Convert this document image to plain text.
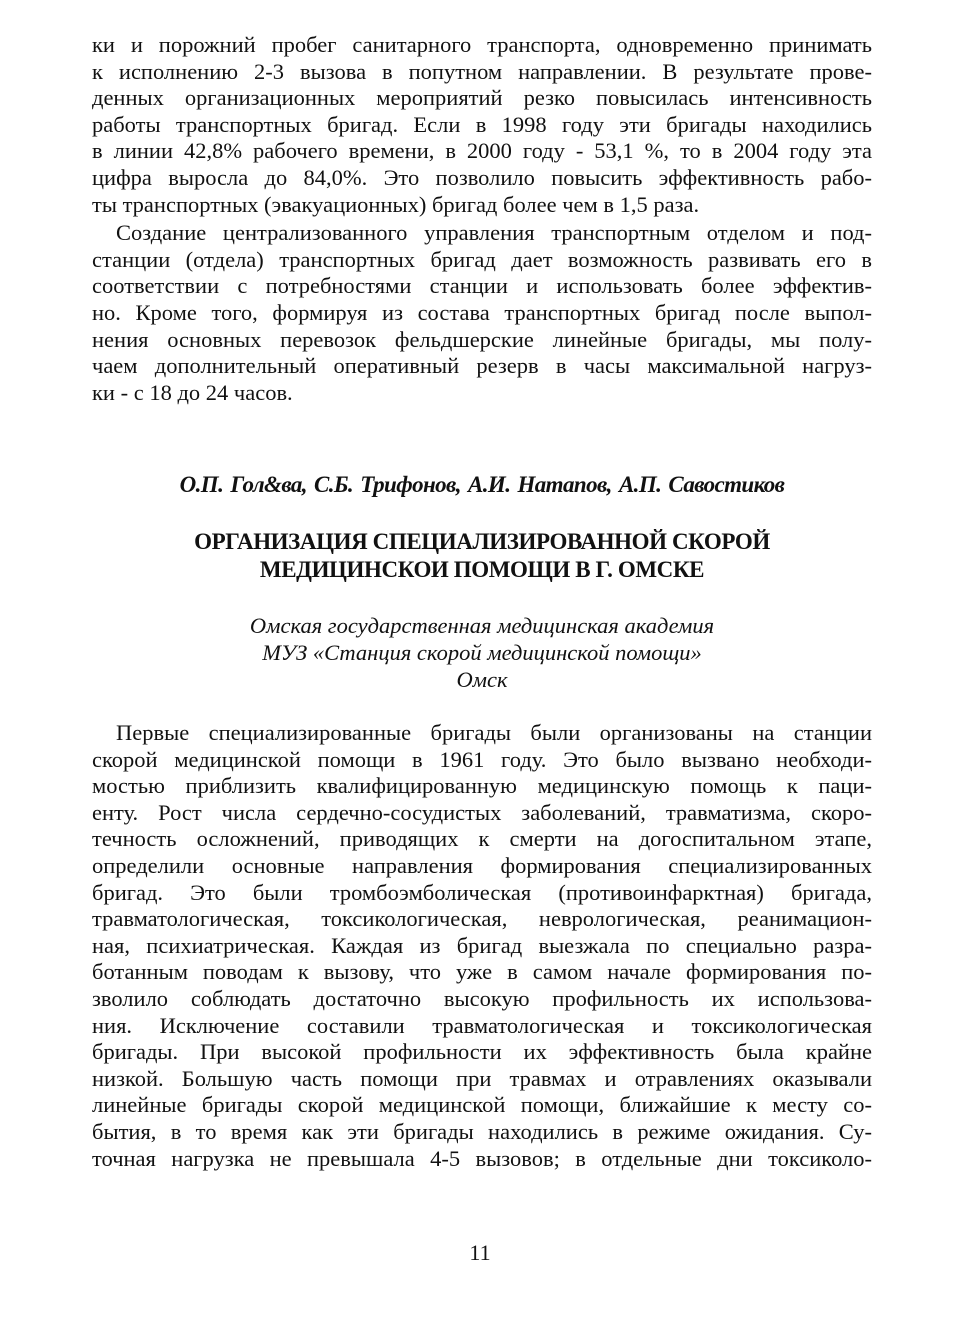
ки и порожний пробег санитарного транспорта, одновременно принимать
к исполнению 2-3 вызова в попутном направлении. В результате прове-
денных организационных мероприятий резко повысилась интенсивность
работы транспортных бригад. Если в 1998 году эти бригады находились
в линии 42,8% рабочего времени, в 2000 году - 53,1 %, то в 2004 году эта
цифра выросла до 84,0%. Это позволило повысить эффективность рабо-
ты транспортных (эвакуационных) бригад более чем в 1,5 раза.
Создание централизованного управления транспортным отделом и под-
станции (отдела) транспортных бригад дает возможность развивать его в
соответствии с потребностями станции и использовать более эффектив-
но. Кроме того, формируя из состава транспортных бригад после выпол-
нения основных перевозок фельдшерские линейные бригады, мы полу-
чаем дополнительный оперативный резерв в часы максимальной нагруз-
ки - с 18 до 24 часов.
О.П. Гол&ва, С.Б. Трифонов, А.И. Натапов, А.П. Савостиков
ОРГАНИЗАЦИЯ СПЕЦИАЛИЗИРОВАННОЙ СКОРОЙ
МЕДИЦИНСКОИ ПОМОЩИ В Г. ОМСКЕ
Омская государственная медицинская академия
МУЗ «Станция скорой медицинской помощи»
Омск
Первые специализированные бригады были организованы на станции
скорой медицинской помощи в 1961 году. Это было вызвано необходи-
мостью приблизить квалифицированную медицинскую помощь к паци-
енту. Рост числа сердечно-сосудистых заболеваний, травматизма, скоро-
течность осложнений, приводящих к смерти на догоспитальном этапе,
определили основные направления формирования специализированных
бригад. Это были тромбоэмболическая (противоинфарктная) бригада,
травматологическая, токсикологическая, неврологическая, реанимацион-
ная, психиатрическая. Каждая из бригад выезжала по специально разра-
ботанным поводам к вызову, что уже в самом начале формирования по-
зволило соблюдать достаточно высокую профильность их использова-
ния. Исключение составили травматологическая и токсикологическая
бригады. При высокой профильности их эффективность была крайне
низкой. Большую часть помощи при травмах и отравлениях оказывали
линейные бригады скорой медицинской помощи, ближайшие к месту со-
бытия, в то время как эти бригады находились в режиме ожидания. Су-
точная нагрузка не превышала 4-5 вызовов; в отдельные дни токсиколо-
11
